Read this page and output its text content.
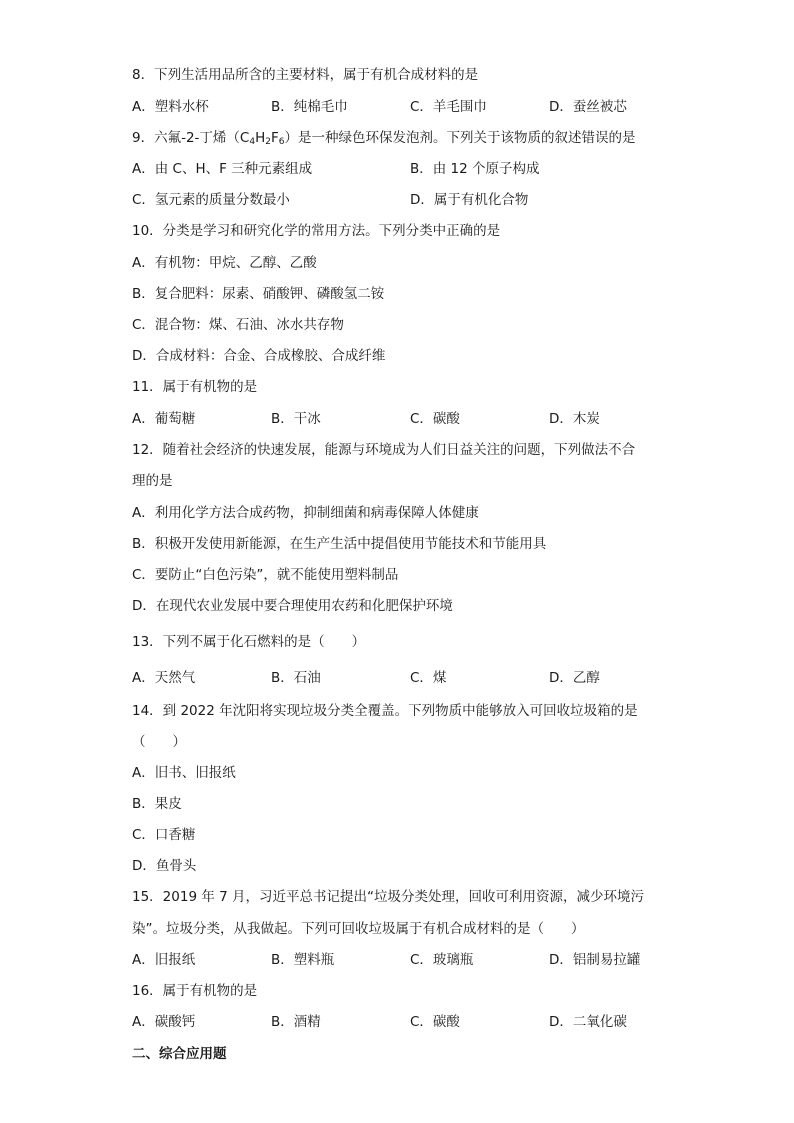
8．下列生活用品所含的主要材料，属于有机合成材料的是
A．塑料水杯	B．纯棉毛巾	C．羊毛围巾	D．蚕丝被芯
9．六氟-2-丁烯$(C_4H_2F_6)$是一种绿色环保发泡剂。下列关于该物质的叙述错误的是
A．由 C、H、F 三种元素组成	B．由 12 个原子构成
C．氢元素的质量分数最小	D．属于有机化合物
10．分类是学习和研究化学的常用方法。下列分类中正确的是
A．有机物：甲烷、乙醇、乙酸
B．复合肥料：尿素、硝酸钾、磷酸氢二铵
C．混合物：煤、石油、冰水共存物
D．合成材料：合金、合成橡胶、合成纤维
11．属于有机物的是
A．葡萄糖	B．干冰	C．碳酸	D．木炭
12．随着社会经济的快速发展，能源与环境成为人们日益关注的问题，下列做法不合
理的是
A．利用化学方法合成药物，抑制细菌和病毒保障人体健康
B．积极开发使用新能源，在生产生活中提倡使用节能技术和节能用具
C．要防止“白色污染”，就不能使用塑料制品
D．在现代农业发展中要合理使用农药和化肥保护环境
13．下列不属于化石燃料的是（　　）
A．天然气	B．石油	C．煤	D．乙醇
14．到 2022 年沈阳将实现垃圾分类全覆盖。下列物质中能够放入可回收垃圾箱的是
（　　）
A．旧书、旧报纸
B．果皮
C．口香糖
D．鱼骨头
15．2019 年 7 月，习近平总书记提出“垃圾分类处理，回收可利用资源，减少环境污
染”。垃圾分类，从我做起。下列可回收垃圾属于有机合成材料的是（　　）
A．旧报纸	B．塑料瓶	C．玻璃瓶	D．铝制易拉罐
16．属于有机物的是
A．碳酸钙	B．酒精	C．碳酸	D．二氧化碳
二、综合应用题
